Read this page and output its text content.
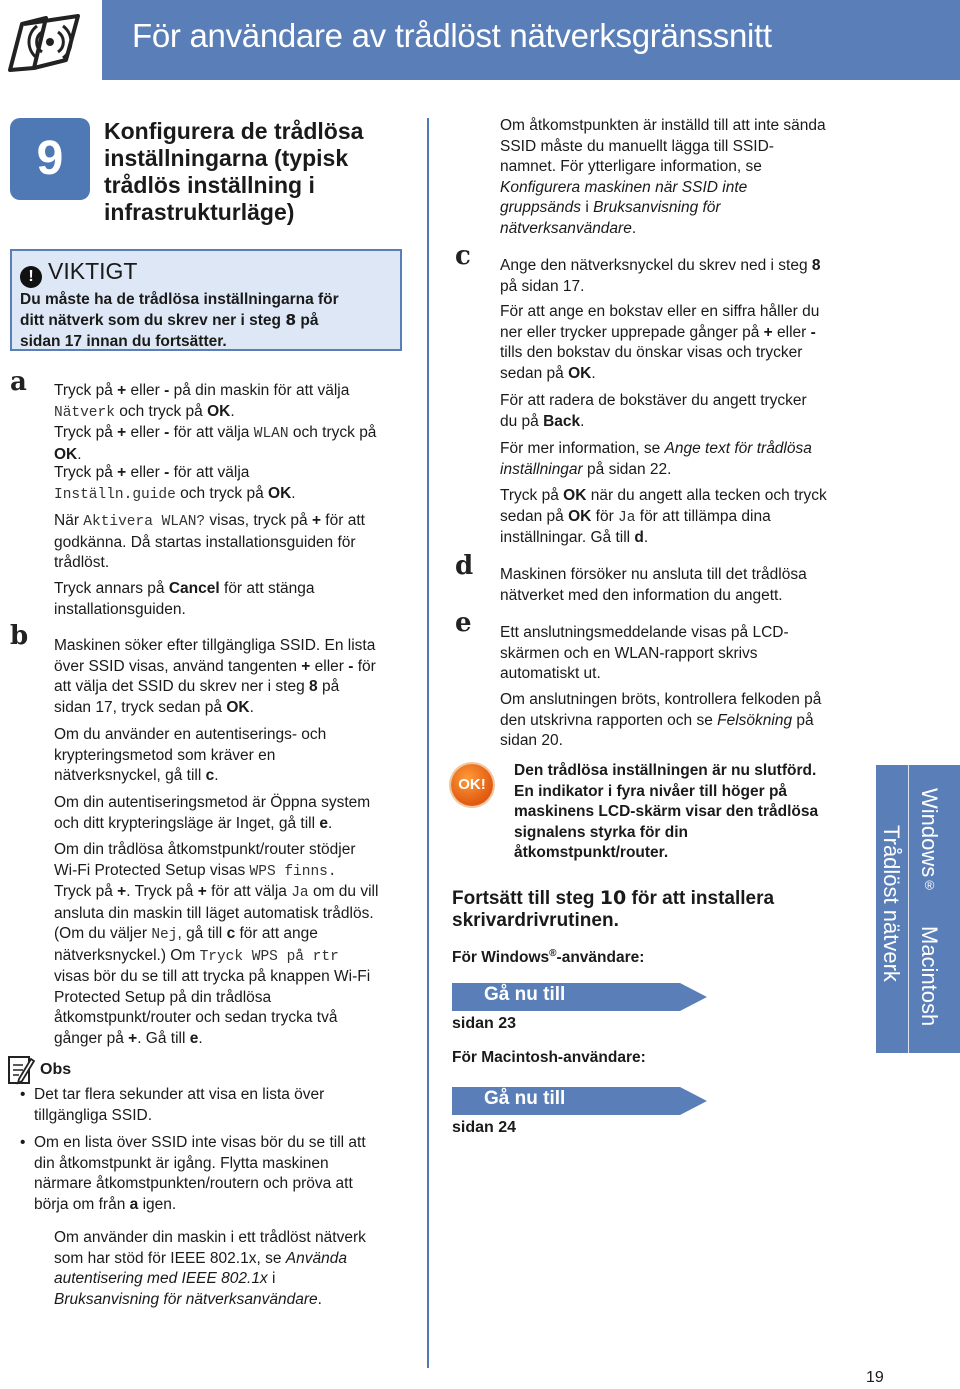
För användare av trådlöst nätverksgränssnitt
9
Konfigurera de trådlösa
inställningarna (typisk
trådlös inställning i
infrastrukturläge)
! VIKTIGT
Du måste ha de trådlösa inställningarna för
ditt nätverk som du skrev ner i steg 8 på
sidan 17 innan du fortsätter.
a Tryck på + eller - på din maskin för att välja
Nätverk och tryck på OK.
Tryck på + eller - för att välja WLAN och tryck på
OK.
Tryck på + eller - för att välja
Inställn.guide och tryck på OK.
När Aktivera WLAN? visas, tryck på + för att
godkänna. Då startas installationsguiden för
trådlöst.
Tryck annars på Cancel för att stänga
installationsguiden.
b Maskinen söker efter tillgängliga SSID. En lista
över SSID visas, använd tangenten + eller - för
att välja det SSID du skrev ner i steg 8 på
sidan 17, tryck sedan på OK.
Om du använder en autentiserings- och
krypteringsmetod som kräver en
nätverksnyckel, gå till c.
Om din autentiseringsmetod är Öppna system
och ditt krypteringsläge är Inget, gå till e.
Om din trådlösa åtkomstpunkt/router stödjer
Wi-Fi Protected Setup visas WPS finns.
Tryck på +. Tryck på + för att välja Ja om du vill
ansluta din maskin till läget automatisk trådlös.
(Om du väljer Nej, gå till c för att ange
nätverksnyckel.) Om Tryck WPS på rtr
visas bör du se till att trycka på knappen Wi-Fi
Protected Setup på din trådlösa
åtkomstpunkt/router och sedan trycka två
gånger på +. Gå till e.
Obs
• Det tar flera sekunder att visa en lista över
tillgängliga SSID.
• Om en lista över SSID inte visas bör du se till att
din åtkomstpunkt är igång. Flytta maskinen
närmare åtkomstpunkten/routern och pröva att
börja om från a igen.
Om använder din maskin i ett trådlöst nätverk
som har stöd för IEEE 802.1x, se Använda
autentisering med IEEE 802.1x i
Bruksanvisning för nätverksanvändare.
Om åtkomstpunkten är inställd till att inte sända
SSID måste du manuellt lägga till SSID-
namnet. För ytterligare information, se
Konfigurera maskinen när SSID inte
gruppsänds i Bruksanvisning för
nätverksanvändare.
c Ange den nätverksnyckel du skrev ned i steg 8
på sidan 17.
För att ange en bokstav eller en siffra håller du
ner eller trycker upprepade gånger på + eller -
tills den bokstav du önskar visas och trycker
sedan på OK.
För att radera de bokstäver du angett trycker
du på Back.
För mer information, se Ange text för trådlösa
inställningar på sidan 22.
Tryck på OK när du angett alla tecken och tryck
sedan på OK för Ja för att tillämpa dina
inställningar. Gå till d.
d Maskinen försöker nu ansluta till det trådlösa
nätverket med den information du angett.
e Ett anslutningsmeddelande visas på LCD-
skärmen och en WLAN-rapport skrivs
automatiskt ut.
Om anslutningen bröts, kontrollera felkoden på
den utskrivna rapporten och se Felsökning på
sidan 20.
OK!
Den trådlösa inställningen är nu slutförd.
En indikator i fyra nivåer till höger på
maskinens LCD-skärm visar den trådlösa
signalens styrka för din
åtkomstpunkt/router.
Fortsätt till steg 10 för att installera
skrivardrivrutinen.
För Windows®-användare:
Gå nu till
sidan 23
För Macintosh-användare:
Gå nu till
sidan 24
Trådlöst nätverk Windows®
Macintosh
19
